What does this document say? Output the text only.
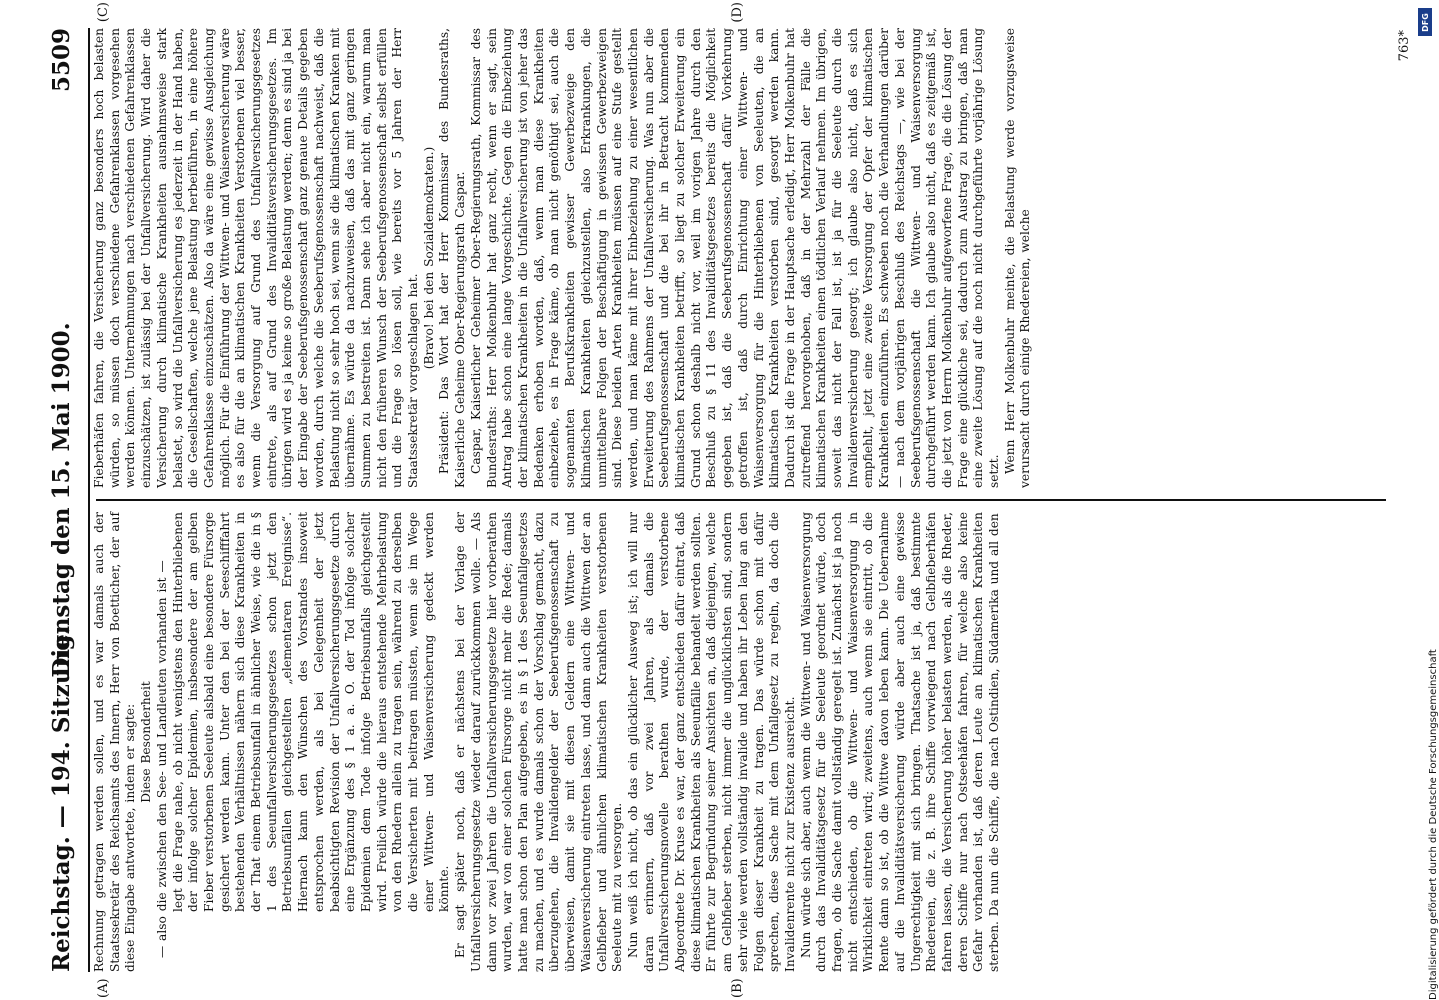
Reichstag. — 194. Sitzung.
Dienstag den 15. Mai 1900.
5509

Rechnung getragen werden sollen, und es war damals auch der Staatssekretär des Reichsamts des Innern, Herr von Boetticher, der auf diese Eingabe antwortete, indem er sagte: Diese Besonderheit — also die zwischen den See- und Landleuten vorhanden ist — legt die Frage nahe, ob nicht wenigstens den Hinterbliebenen der infolge solcher Epidemien, insbesondere der am gelben Fieber verstorbenen Seeleute alsbald eine besondere Fürsorge gesichert werden kann. Unter den bei der Seeschifffahrt bestehenden Verhältnissen nähern sich diese Krankheiten in der That einem Betriebsunfall in ähnlicher Weise, wie die in § 1 des Seeunfallversicherungsgesetzes schon jetzt den Betriebsunfällen gleichgestellten „elementaren Ereignisse“. Hiernach kann den Wünschen des Vorstandes insoweit entsprochen werden, als bei Gelegenheit der jetzt beabsichtigten Revision der Unfallversicherungsgesetze durch eine Ergänzung des § 1 a. a. O. der Tod infolge solcher Epidemien dem Tode infolge Betriebsunfalls gleichgestellt wird. Freilich würde die hieraus entstehende Mehrbelastung von den Rhedern allein zu tragen sein, während zu derselben die Versicherten mit beitragen müssten, wenn sie im Wege einer Wittwen- und Waisenversicherung gedeckt werden könnte. Er sagt später noch, daß er nächstens bei der Vorlage der Unfallversicherungsgesetze wieder darauf zurückkommen wolle. — Als dann vor zwei Jahren die Unfallversicherungsgesetze hier vorberathen wurden, war von einer solchen Fürsorge nicht mehr die Rede; damals hatte man schon den Plan aufgegeben, es in § 1 des Seeunfallgesetzes zu machen, und es wurde damals schon der Vorschlag gemacht, dazu überzugehen, die Invalidengelder der Seeberufsgenossenschaft zu überweisen, damit sie mit diesen Geldern eine Wittwen- und Waisenversicherung eintreten lasse, und dann auch die Wittwen der an Gelbfieber und ähnlichen klimatischen Krankheiten verstorbenen Seeleute mit zu versorgen. Nun weiß ich nicht, ob das ein glücklicher Ausweg ist; ich will nur daran erinnern, daß vor zwei Jahren, als damals die Unfallversicherungsnovelle berathen wurde, der verstorbene Abgeordnete Dr. Kruse es war, der ganz entschieden dafür eintrat, daß diese klimatischen Krankheiten als Seeunfälle behandelt werden sollten. Er führte zur Begründung seiner Ansichten an, daß diejenigen, welche am Gelbfieber sterben, nicht immer die unglücklichsten sind, sondern sehr viele werden vollständig invalide und haben ihr Leben lang an den Folgen dieser Krankheit zu tragen. Das würde schon mit dafür sprechen, diese Sache mit dem Unfallgesetz zu regeln, da doch die Invalidenrente nicht zur Existenz ausreicht. Nun würde sich aber, auch wenn die Wittwen- und Waisenversorgung durch das Invaliditätsgesetz für die Seeleute geordnet würde, doch fragen, ob die Sache damit vollständig geregelt ist. Zunächst ist ja noch nicht entschieden, ob die Wittwen- und Waisenversorgung in Wirklichkeit eintreten wird; zweitens, auch wenn sie eintritt, ob die Rente dann so ist, ob die Wittwe davon leben kann. Die Uebernahme auf die Invaliditätsversicherung würde aber auch eine gewisse Ungerechtigkeit mit sich bringen. Thatsache ist ja, daß bestimmte Rhedereien, die z. B. ihre Schiffe vorwiegend nach Gelbfieberhäfen fahren lassen, die Versicherung höher belasten werden, als die Rheder, deren Schiffe nur nach Ostseehäfen fahren, für welche also keine Gefahr vorhanden ist, daß deren Leute an klimatischen Krankheiten sterben. Da nun die Schiffe, die nach Ostindien, Südamerika und all den

Fieberhäfen fahren, die Versicherung ganz besonders hoch belasten würden, so müssen doch verschiedene Gefahrenklassen vorgesehen werden können. Unternehmungen nach verschiedenen Gefahrenklassen einzuschätzen, ist zulässig bei der Unfallversicherung. Wird daher die Versicherung durch klimatische Krankheiten ausnahmsweise stark belastet, so wird die Unfallversicherung es jederzeit in der Hand haben, die Gesellschaften, welche jene Belastung herbeiführen, in eine höhere Gefahrenklasse einzuschätzen. Also da wäre eine gewisse Ausgleichung möglich. Für die Einführung der Wittwen- und Waisenversicherung wäre es also für die an klimatischen Krankheiten Verstorbenen viel besser, wenn die Versorgung auf Grund des Unfallversicherungsgesetzes eintrete, als auf Grund des Invaliditätsversicherungsgesetzes. Im übrigen wird es ja keine so große Belastung werden; denn es sind ja bei der Eingabe der Seeberufsgenossenschaft ganz genaue Details gegeben worden, durch welche die Seeberufsgenossenschaft nachweist, daß die Belastung nicht so sehr hoch sei, wenn sie die klimatischen Kranken mit übernähme. Es würde da nachzuweisen, daß das mit ganz geringen Summen zu bestreiten ist. Dann sehe ich aber nicht ein, warum man nicht den früheren Wunsch der Seeberufsgenossenschaft selbst erfüllen und die Frage so lösen soll, wie bereits vor 5 Jahren der Herr Staatssekretär vorgeschlagen hat.

(Bravo! bei den Sozialdemokraten.) Präsident: Das Wort hat der Herr Kommissar des Bundesraths, Kaiserliche Geheime Ober-Regierungsrath Caspar. Caspar, Kaiserlicher Geheimer Ober-Regierungsrath, Kommissar des Bundesraths: Herr Molkenbuhr hat ganz recht, wenn er sagt, sein Antrag habe schon eine lange Vorgeschichte. Gegen die Einbeziehung der klimatischen Krankheiten in die Unfallversicherung ist von jeher das Bedenken erhoben worden, daß, wenn man diese Krankheiten einbeziehe, es in Frage käme, ob man nicht genöthigt sei, auch die sogenannten Berufskrankheiten gewisser Gewerbezweige den klimatischen Krankheiten gleichzustellen, also Erkrankungen, die unmittelbare Folgen der Beschäftigung in gewissen Gewerbezweigen sind. Diese beiden Arten Krankheiten müssen auf eine Stufe gestellt werden, und man käme mit ihrer Einbeziehung zu einer wesentlichen Erweiterung des Rahmens der Unfallversicherung. Was nun aber die Seeberufsgenossenschaft und die bei ihr in Betracht kommenden klimatischen Krankheiten betrifft, so liegt zu solcher Erweiterung ein Grund schon deshalb nicht vor, weil im vorigen Jahre durch den Beschluß zu § 11 des Invaliditätsgesetzes bereits die Möglichkeit gegeben ist, daß die Seeberufsgenossenschaft dafür Vorkehrung getroffen ist, daß durch Einrichtung einer Wittwen- und Waisenversorgung für die Hinterbliebenen von Seeleuten, die an klimatischen Krankheiten verstorben sind, gesorgt werden kann. Dadurch ist die Frage in der Hauptsache erledigt, Herr Molkenbuhr hat zutreffend hervorgehoben, daß in der Mehrzahl der Fälle die klimatischen Krankheiten einen tödtlichen Verlauf nehmen. Im übrigen, soweit das nicht der Fall ist, ist ja für die Seeleute durch die Invalidenversicherung gesorgt; ich glaube also nicht, daß es sich empfiehlt, jetzt eine zweite Versorgung der Opfer der klimatischen Krankheiten einzuführen. Es schweben noch die Verhandlungen darüber — nach dem vorjährigen Beschluß des Reichstags —, wie bei der Seeberufsgenossenschaft die Wittwen- und Waisenversorgung durchgeführt werden kann. Ich glaube also nicht, daß es zeitgemäß ist, die jetzt von Herrn Molkenbuhr aufgeworfene Frage, die die Lösung der Frage eine glückliche sei, dadurch zum Austrag zu bringen, daß man eine zweite Lösung auf die noch nicht durchgeführte vorjährige Lösung setzt. Wenn Herr Molkenbuhr meinte, die Belastung werde vorzugsweise verursacht durch einige Rhedereien, welche

(A)	(B)
(C)	(D)
763*
Digitalisierung gefördert durch die Deutsche Forschungsgemeinschaft
DFG
